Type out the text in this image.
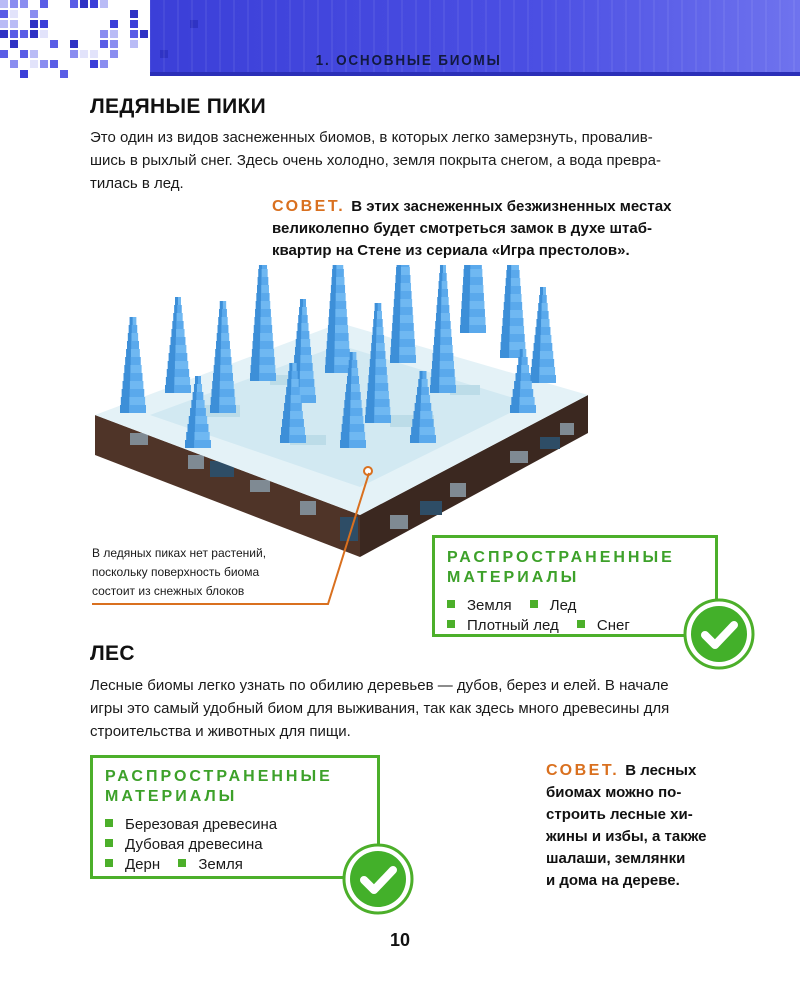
1. ОСНОВНЫЕ БИОМЫ
ЛЕДЯНЫЕ ПИКИ

Это один из видов заснеженных биомов, в которых легко замерзнуть, провалив-
шись в рыхлый снег. Здесь очень холодно, земля покрыта снегом, а вода превра-
тилась в лед.

СОВЕТ. В этих заснеженных безжизненных местах
великолепно будет смотреться замок в духе штаб-
квартир на Стене из сериала «Игра престолов».

В ледяных пиках нет растений,
поскольку поверхность биома
состоит из снежных блоков
РАСПРОСТРАНЕННЫЕ
МАТЕРИАЛЫ
Земля	Лед
Плотный лед	Снег
ЛЕС

Лесные биомы легко узнать по обилию деревьев — дубов, берез и елей. В начале
игры это самый удобный биом для выживания, так как здесь много древесины для
строительства и животных для пищи.

РАСПРОСТРАНЕННЫЕ
МАТЕРИАЛЫ
Березовая древесина
Дубовая древесина
Дерн	Земля

СОВЕТ. В лесных
биомах можно по-
строить лесные хи-
жины и избы, а также
шалаши, землянки
и дома на дереве.

10
